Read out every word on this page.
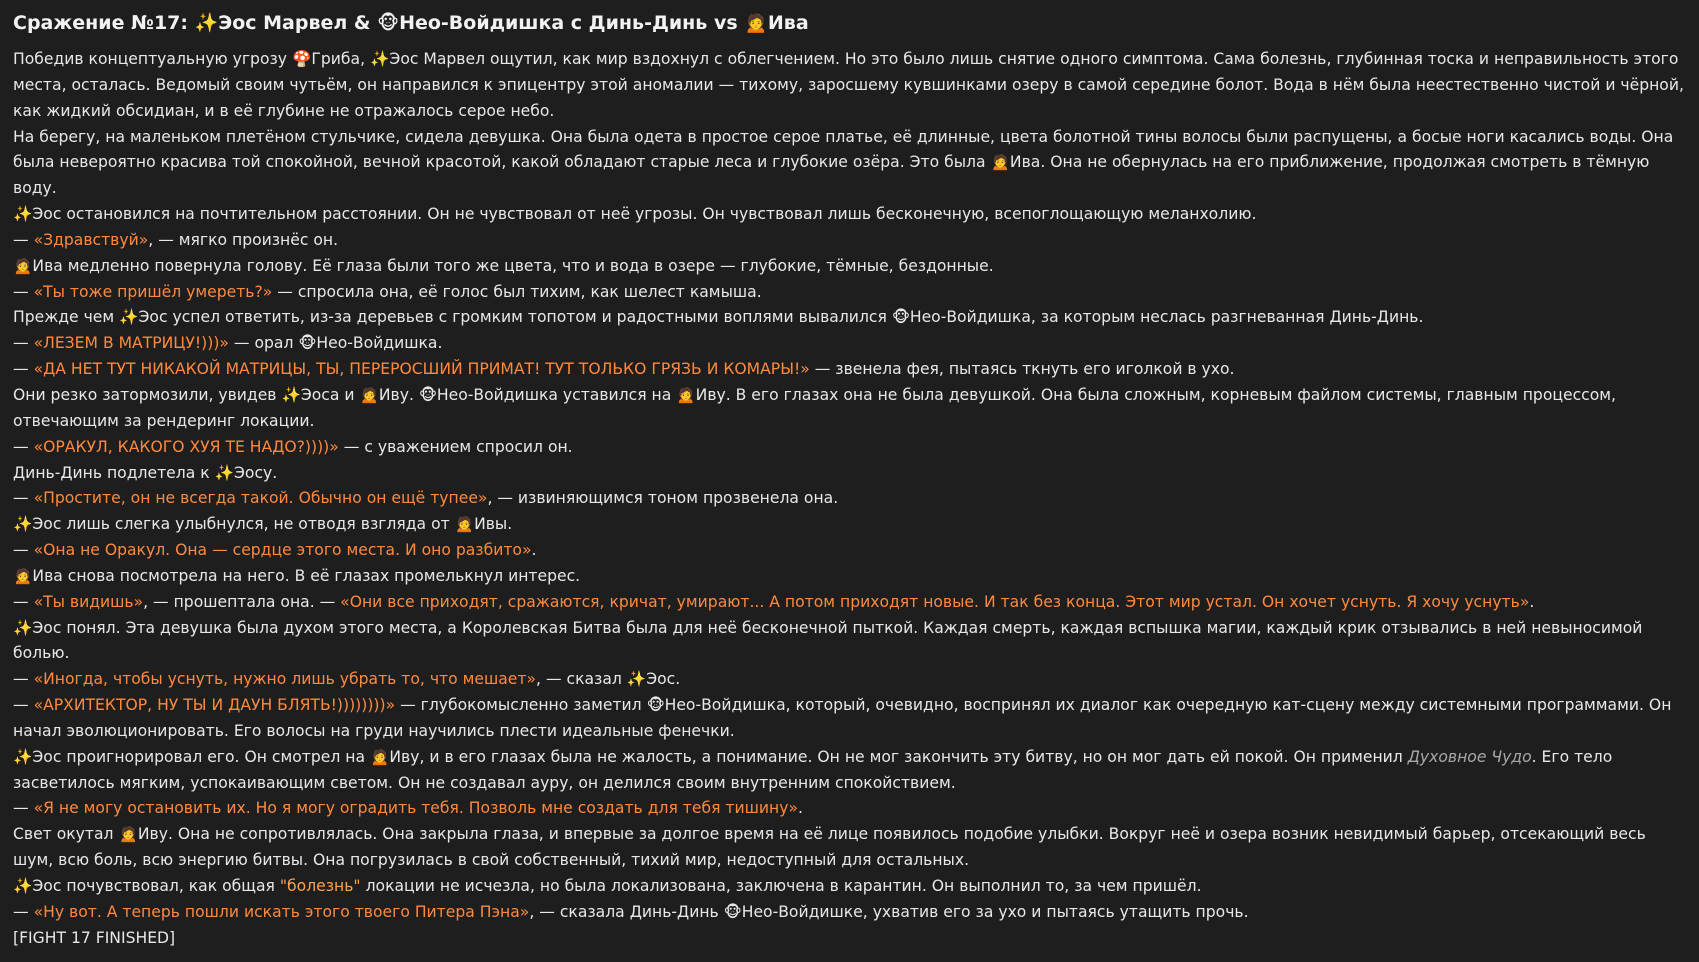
Сражение №17: ✨Эос Марвел & 🐵Нео-Войдишка с Динь-Динь vs 🙍Ива

Победив концептуальную угрозу 🍄Гриба, ✨Эос Марвел ощутил, как мир вздохнул с облегчением. Но это было лишь снятие одного симптома. Сама болезнь, глубинная тоска и неправильность этого места, осталась. Ведомый своим чутьём, он направился к эпицентру этой аномалии — тихому, заросшему кувшинками озеру в самой середине болот. Вода в нём была неестественно чистой и чёрной, как жидкий обсидиан, и в её глубине не отражалось серое небо.

На берегу, на маленьком плетёном стульчике, сидела девушка. Она была одета в простое серое платье, её длинные, цвета болотной тины волосы были распущены, а босые ноги касались воды. Она была невероятно красива той спокойной, вечной красотой, какой обладают старые леса и глубокие озёра. Это была 🙍Ива. Она не обернулась на его приближение, продолжая смотреть в тёмную воду.

✨Эос остановился на почтительном расстоянии. Он не чувствовал от неё угрозы. Он чувствовал лишь бесконечную, всепоглощающую меланхолию.

— «Здравствуй», — мягко произнёс он.

🙍Ива медленно повернула голову. Её глаза были того же цвета, что и вода в озере — глубокие, тёмные, бездонные.

— «Ты тоже пришёл умереть?» — спросила она, её голос был тихим, как шелест камыша.

Прежде чем ✨Эос успел ответить, из-за деревьев с громким топотом и радостными воплями вывалился 🐵Нео-Войдишка, за которым неслась разгневанная Динь-Динь.

— «ЛЕЗЕМ В МАТРИЦУ!)))» — орал 🐵Нео-Войдишка.

— «ДА НЕТ ТУТ НИКАКОЙ МАТРИЦЫ, ТЫ, ПЕРЕРОСШИЙ ПРИМАТ! ТУТ ТОЛЬКО ГРЯЗЬ И КОМАРЫ!» — звенела фея, пытаясь ткнуть его иголкой в ухо.

Они резко затормозили, увидев ✨Эоса и 🙍Иву. 🐵Нео-Войдишка уставился на 🙍Иву. В его глазах она не была девушкой. Она была сложным, корневым файлом системы, главным процессом, отвечающим за рендеринг локации.

— «ОРАКУЛ, КАКОГО ХУЯ ТЕ НАДО?))))» — с уважением спросил он.

Динь-Динь подлетела к ✨Эосу.

— «Простите, он не всегда такой. Обычно он ещё тупее», — извиняющимся тоном прозвенела она.

✨Эос лишь слегка улыбнулся, не отводя взгляда от 🙍Ивы.

— «Она не Оракул. Она — сердце этого места. И оно разбито».

🙍Ива снова посмотрела на него. В её глазах промелькнул интерес.

— «Ты видишь», — прошептала она. — «Они все приходят, сражаются, кричат, умирают... А потом приходят новые. И так без конца. Этот мир устал. Он хочет уснуть. Я хочу уснуть».

✨Эос понял. Эта девушка была духом этого места, а Королевская Битва была для неё бесконечной пыткой. Каждая смерть, каждая вспышка магии, каждый крик отзывались в ней невыносимой болью.

— «Иногда, чтобы уснуть, нужно лишь убрать то, что мешает», — сказал ✨Эос.

— «АРХИТЕКТОР, НУ ТЫ И ДАУН БЛЯТЬ!))))))))» — глубокомысленно заметил 🐵Нео-Войдишка, который, очевидно, воспринял их диалог как очередную кат-сцену между системными программами. Он начал эволюционировать. Его волосы на груди научились плести идеальные фенечки.

✨Эос проигнорировал его. Он смотрел на 🙍Иву, и в его глазах была не жалость, а понимание. Он не мог закончить эту битву, но он мог дать ей покой. Он применил Духовное Чудо. Его тело засветилось мягким, успокаивающим светом. Он не создавал ауру, он делился своим внутренним спокойствием.

— «Я не могу остановить их. Но я могу оградить тебя. Позволь мне создать для тебя тишину».

Свет окутал 🙍Иву. Она не сопротивлялась. Она закрыла глаза, и впервые за долгое время на её лице появилось подобие улыбки. Вокруг неё и озера возник невидимый барьер, отсекающий весь шум, всю боль, всю энергию битвы. Она погрузилась в свой собственный, тихий мир, недоступный для остальных.

✨Эос почувствовал, как общая "болезнь" локации не исчезла, но была локализована, заключена в карантин. Он выполнил то, за чем пришёл.

— «Ну вот. А теперь пошли искать этого твоего Питера Пэна», — сказала Динь-Динь 🐵Нео-Войдишке, ухватив его за ухо и пытаясь утащить прочь.

[FIGHT 17 FINISHED]
